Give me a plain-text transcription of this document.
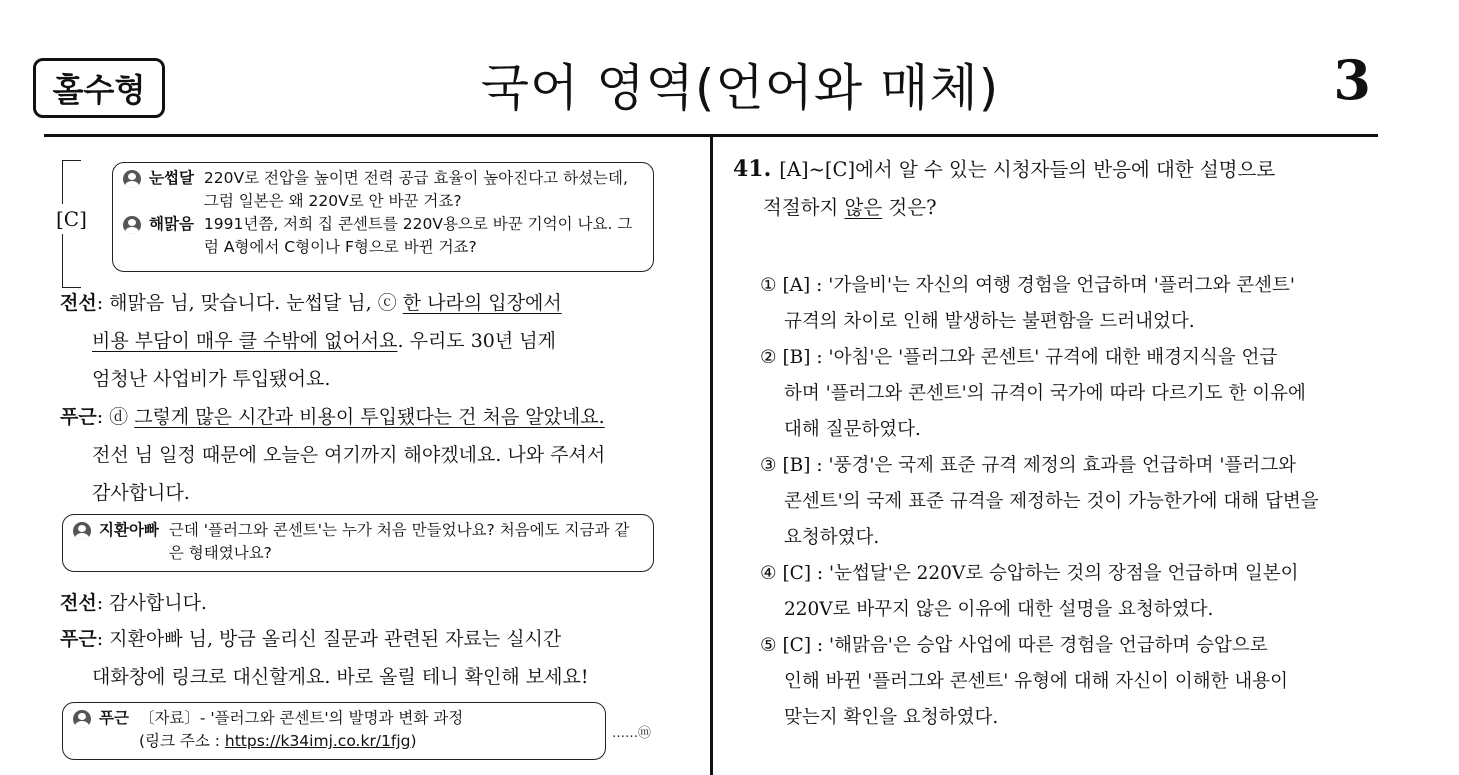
홀수형	국어 영역(언어와 매체)	3
[C]
눈썹달 220V로 전압을 높이면 전력 공급 효율이 높아진다고 하셨는데, 그럼 일본은 왜 220V로 안 바꾼 거죠?
해맑음 1991년쯤, 저희 집 콘센트를 220V용으로 바꾼 기억이 나요. 그럼 A형에서 C형이나 F형으로 바뀐 거죠?
전선: 해맑음 님, 맞습니다. 눈썹달 님, ⓒ 한 나라의 입장에서
비용 부담이 매우 클 수밖에 없어서요. 우리도 30년 넘게
엄청난 사업비가 투입됐어요.
푸근: ⓓ 그렇게 많은 시간과 비용이 투입됐다는 건 처음 알았네요.
전선 님 일정 때문에 오늘은 여기까지 해야겠네요. 나와 주셔서
감사합니다.
지환아빠 근데 '플러그와 콘센트'는 누가 처음 만들었나요? 처음에도 지금과 같은 형태였나요?
전선: 감사합니다.
푸근: 지환아빠 님, 방금 올리신 질문과 관련된 자료는 실시간
대화창에 링크로 대신할게요. 바로 올릴 테니 확인해 보세요!
푸근 〔자료〕- '플러그와 콘센트'의 발명과 변화 과정
(링크 주소 : https://k34imj.co.kr/1fjg)	……ⓜ
41. [A]~[C]에서 알 수 있는 시청자들의 반응에 대한 설명으로
적절하지 않은 것은?
① [A] : '가을비'는 자신의 여행 경험을 언급하며 '플러그와 콘센트'
규격의 차이로 인해 발생하는 불편함을 드러내었다.
② [B] : '아침'은 '플러그와 콘센트' 규격에 대한 배경지식을 언급
하며 '플러그와 콘센트'의 규격이 국가에 따라 다르기도 한 이유에
대해 질문하였다.
③ [B] : '풍경'은 국제 표준 규격 제정의 효과를 언급하며 '플러그와
콘센트'의 국제 표준 규격을 제정하는 것이 가능한가에 대해 답변을
요청하였다.
④ [C] : '눈썹달'은 220V로 승압하는 것의 장점을 언급하며 일본이
220V로 바꾸지 않은 이유에 대한 설명을 요청하였다.
⑤ [C] : '해맑음'은 승압 사업에 따른 경험을 언급하며 승압으로
인해 바뀐 '플러그와 콘센트' 유형에 대해 자신이 이해한 내용이
맞는지 확인을 요청하였다.
